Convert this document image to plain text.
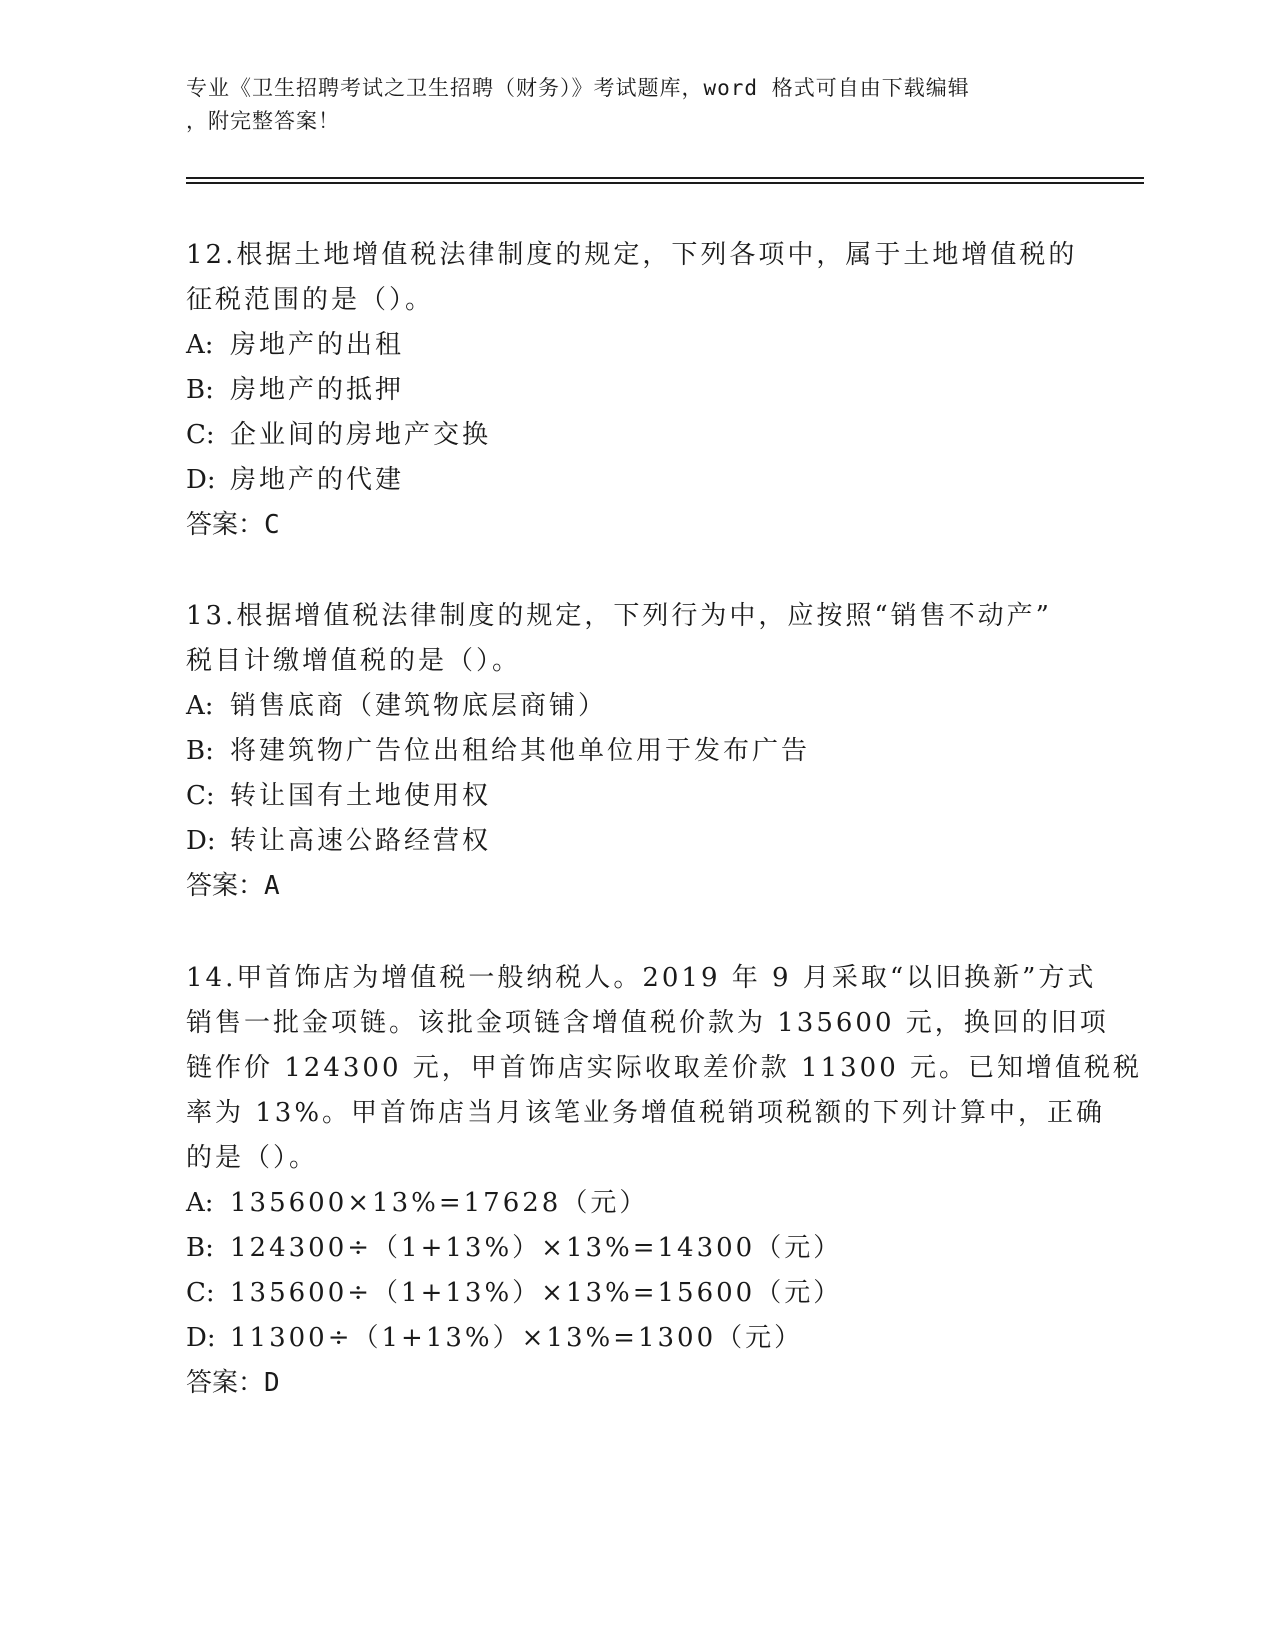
专业《卫生招聘考试之卫生招聘（财务）》考试题库，word 格式可自由下载编辑
，附完整答案！
12.根据土地增值税法律制度的规定，下列各项中，属于土地增值税的
征税范围的是（）。
A: 房地产的出租
B: 房地产的抵押
C: 企业间的房地产交换
D: 房地产的代建
答案：C
13.根据增值税法律制度的规定，下列行为中，应按照“销售不动产”
税目计缴增值税的是（）。
A: 销售底商（建筑物底层商铺）
B: 将建筑物广告位出租给其他单位用于发布广告
C: 转让国有土地使用权
D: 转让高速公路经营权
答案：A
14.甲首饰店为增值税一般纳税人。2019 年 9 月采取“以旧换新”方式
销售一批金项链。该批金项链含增值税价款为 135600 元，换回的旧项
链作价 124300 元，甲首饰店实际收取差价款 11300 元。已知增值税税
率为 13%。甲首饰店当月该笔业务增值税销项税额的下列计算中，正确
的是（）。
A: 135600×13%=17628（元）
B: 124300÷（1+13%）×13%=14300（元）
C: 135600÷（1+13%）×13%=15600（元）
D: 11300÷（1+13%）×13%=1300（元）
答案：D
